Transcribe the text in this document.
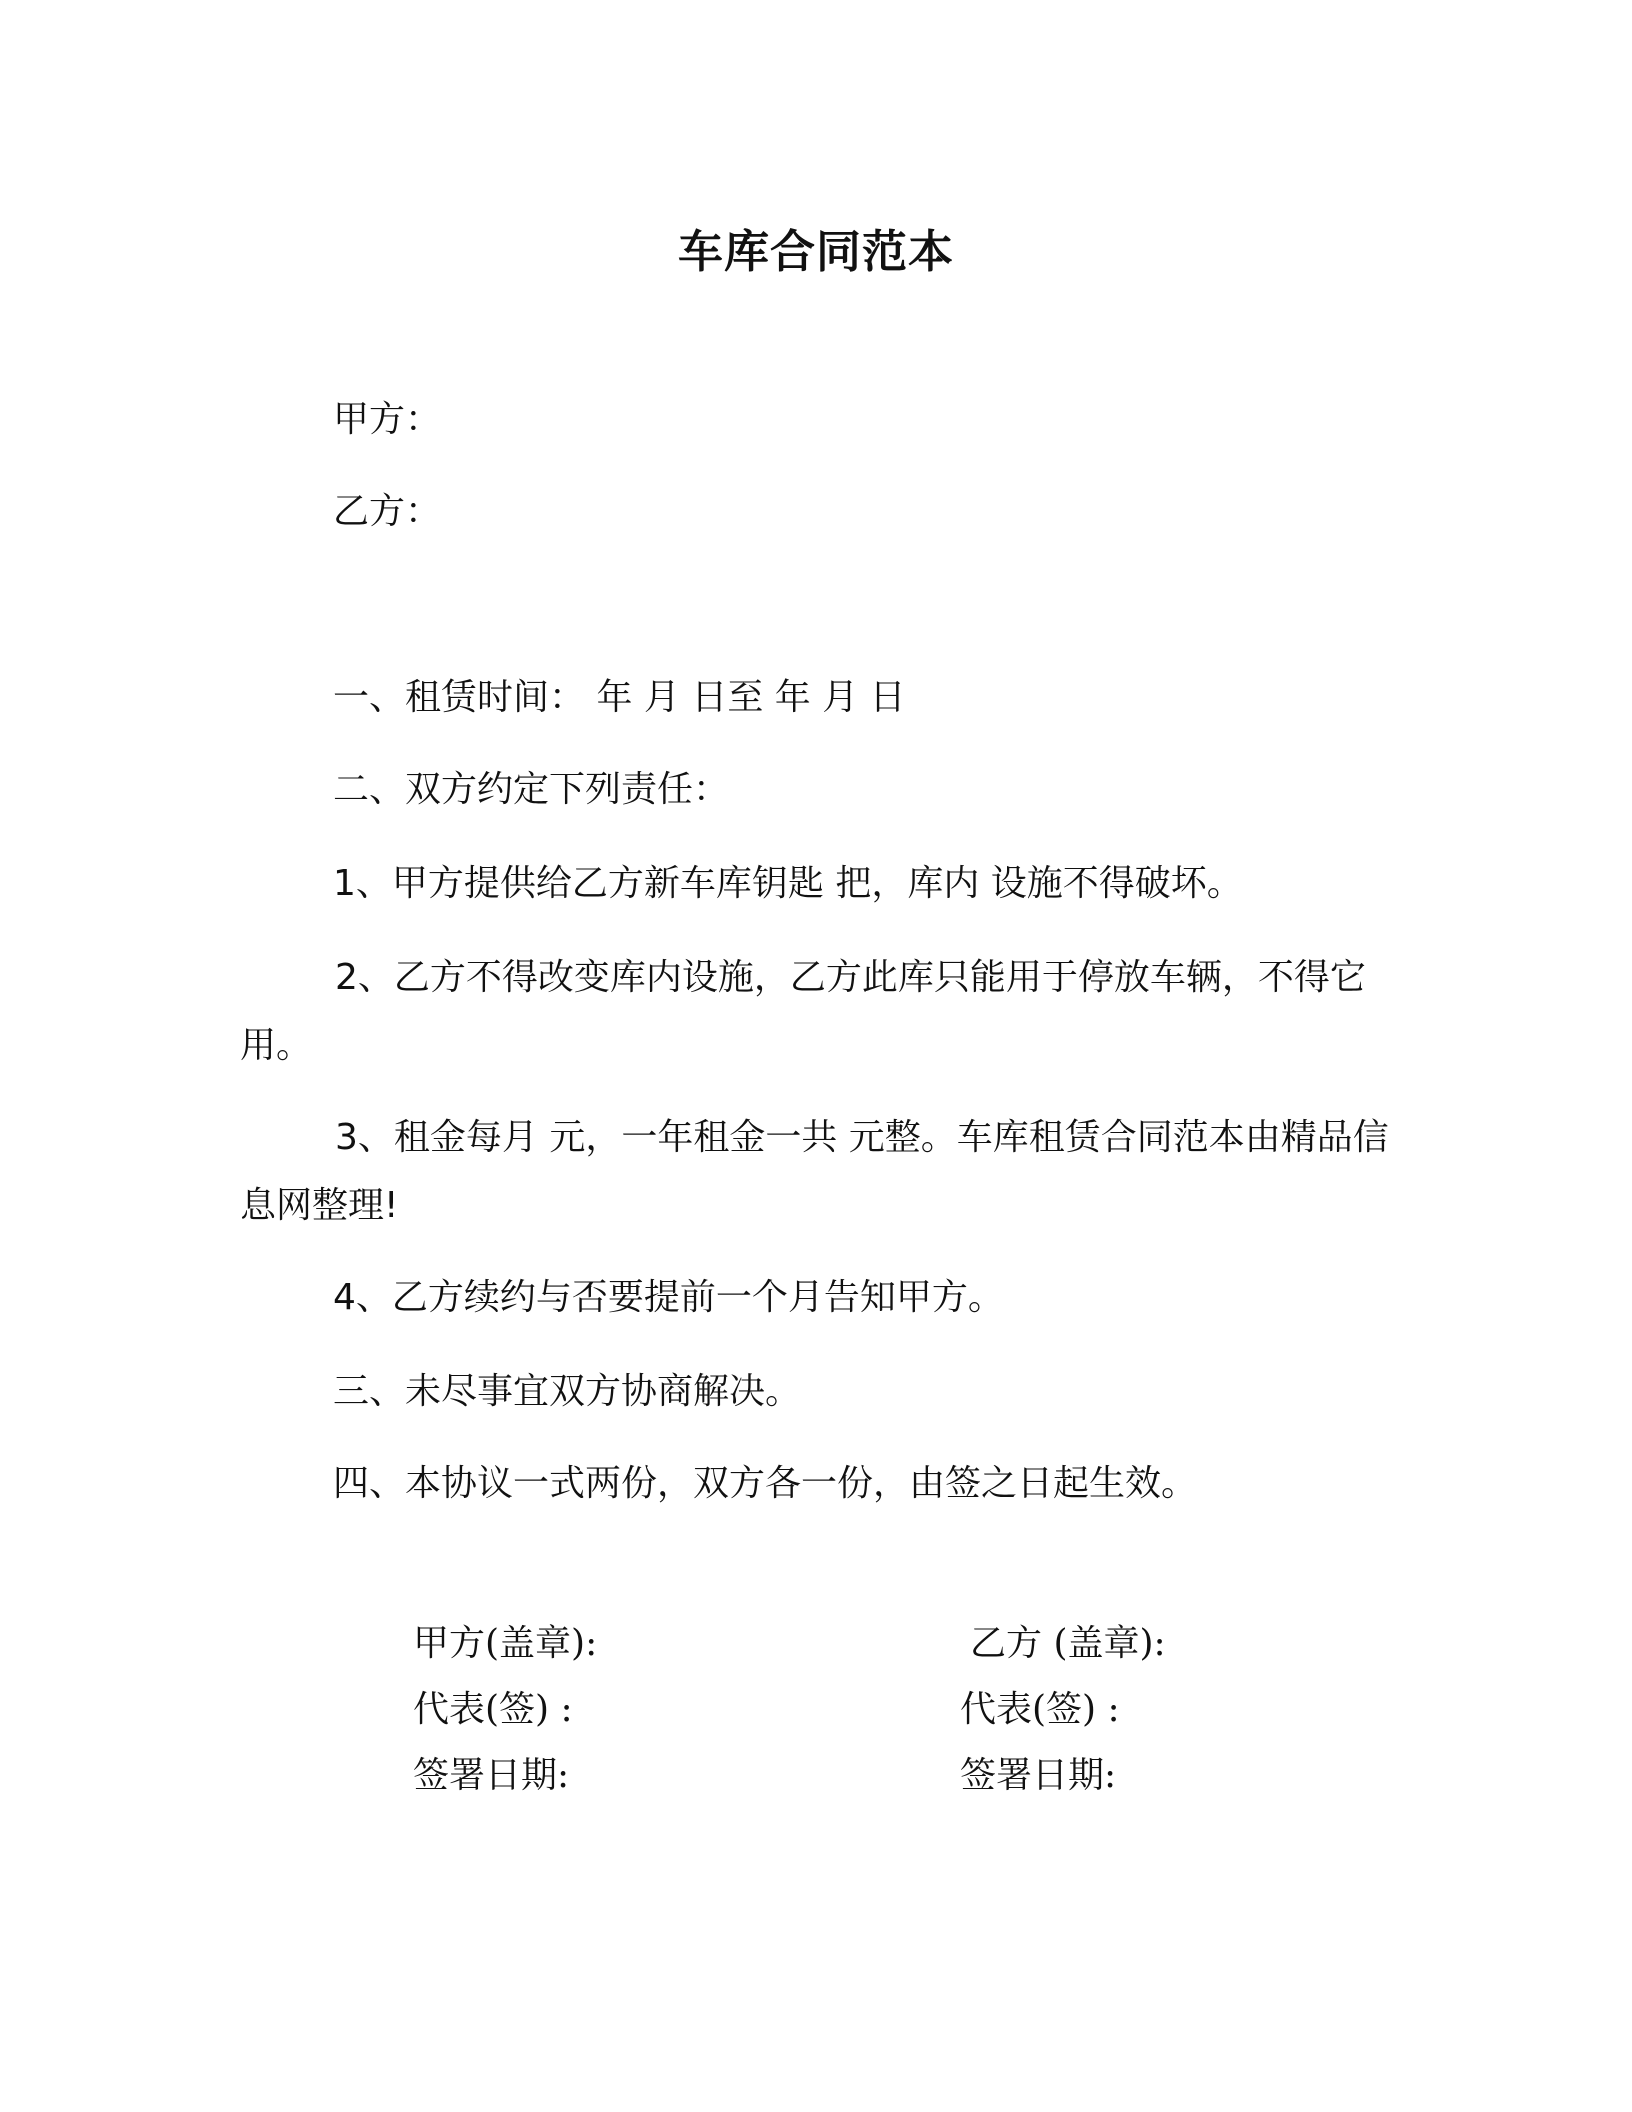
车库合同范本
甲方：
乙方：
一、租赁时间： 年 月 日至 年 月 日
二、双方约定下列责任：
1、甲方提供给乙方新车库钥匙 把，库内 设施不得破坏。
2、乙方不得改变库内设施，乙方此库只能用于停放车辆，不得它用。
3、租金每月 元，一年租金一共 元整。车库租赁合同范本由精品信息网整理!
4、乙方续约与否要提前一个月告知甲方。
三、未尽事宜双方协商解决。
四、本协议一式两份，双方各一份，由签之日起生效。
甲方(盖章):
代表(签) :
签署日期:
乙方 (盖章):
代表(签) :
签署日期:
